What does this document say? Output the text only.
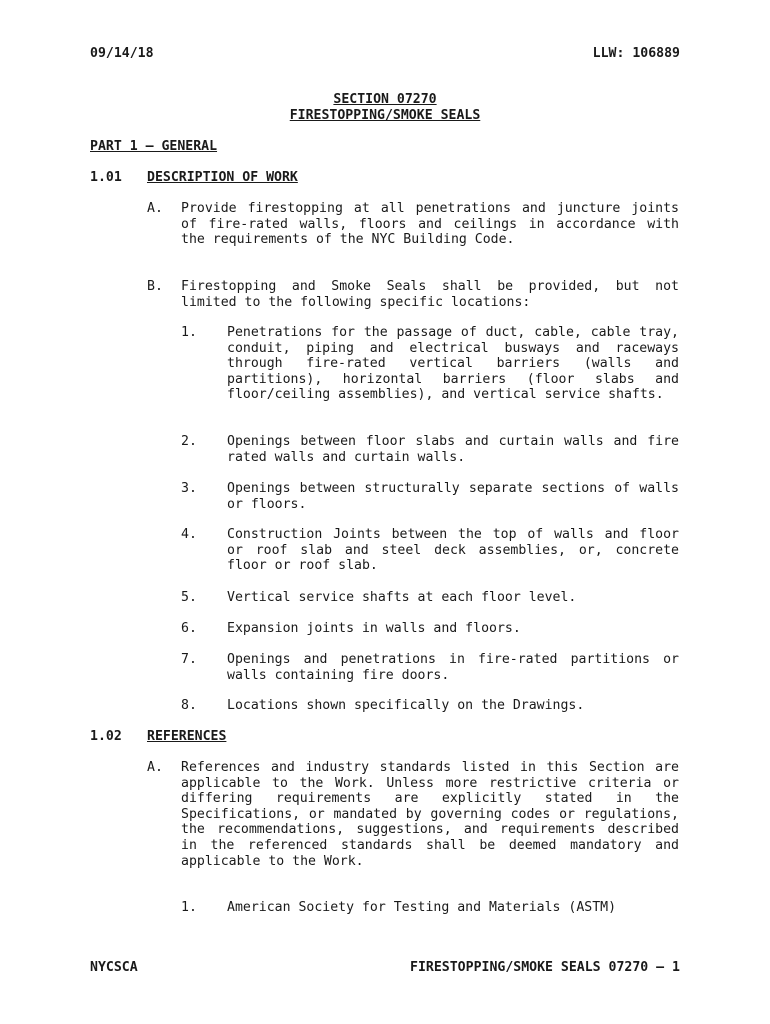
09/14/18	LLW: 106889
SECTION 07270
FIRESTOPPING/SMOKE SEALS
PART 1 – GENERAL
1.01 DESCRIPTION OF WORK
A. Provide firestopping at all penetrations and juncture joints of fire-rated walls, floors and ceilings in accordance with the requirements of the NYC Building Code.
B. Firestopping and Smoke Seals shall be provided, but not limited to the following specific locations:
1. Penetrations for the passage of duct, cable, cable tray, conduit, piping and electrical busways and raceways through fire-rated vertical barriers (walls and partitions), horizontal barriers (floor slabs and floor/ceiling assemblies), and vertical service shafts.
2. Openings between floor slabs and curtain walls and fire rated walls and curtain walls.
3. Openings between structurally separate sections of walls or floors.
4. Construction Joints between the top of walls and floor or roof slab and steel deck assemblies, or, concrete floor or roof slab.
5. Vertical service shafts at each floor level.
6. Expansion joints in walls and floors.
7. Openings and penetrations in fire-rated partitions or walls containing fire doors.
8. Locations shown specifically on the Drawings.
1.02 REFERENCES
A. References and industry standards listed in this Section are applicable to the Work. Unless more restrictive criteria or differing requirements are explicitly stated in the Specifications, or mandated by governing codes or regulations, the recommendations, suggestions, and requirements described in the referenced standards shall be deemed mandatory and applicable to the Work.
1. American Society for Testing and Materials (ASTM)
NYCSCA	FIRESTOPPING/SMOKE SEALS 07270 – 1
